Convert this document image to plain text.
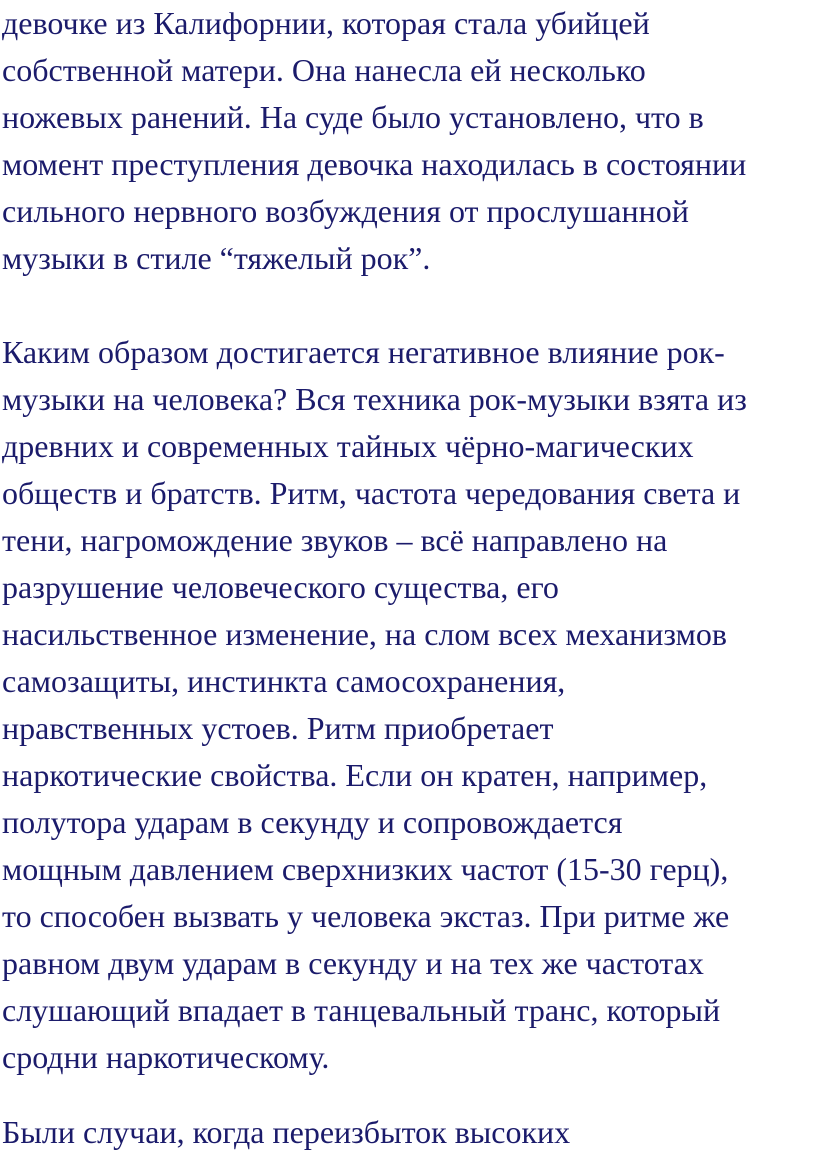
девочке из Калифорнии, которая стала убийцей
собственной матери. Она нанесла ей несколько
ножевых ранений. На суде было установлено, что в
момент преступления девочка находилась в состоянии
сильного нервного возбуждения от прослушанной
музыки в стиле “тяжелый рок”.
Каким образом достигается негативное влияние рок-
музыки на человека? Вся техника рок-музыки взята из
древних и современных тайных чёрно-магических
обществ и братств. Ритм, частота чередования света и
тени, нагромождение звуков – всё направлено на
разрушение человеческого существа, его
насильственное изменение, на слом всех механизмов
самозащиты, инстинкта самосохранения,
нравственных устоев. Ритм приобретает
наркотические свойства. Если он кратен, например,
полутора ударам в секунду и сопровождается
мощным давлением сверхнизких частот (15-30 герц),
то способен вызвать у человека экстаз. При ритме же
равном двум ударам в секунду и на тех же частотах
слушающий впадает в танцевальный транс, который
сродни наркотическому.
Были случаи, когда переизбыток высоких
